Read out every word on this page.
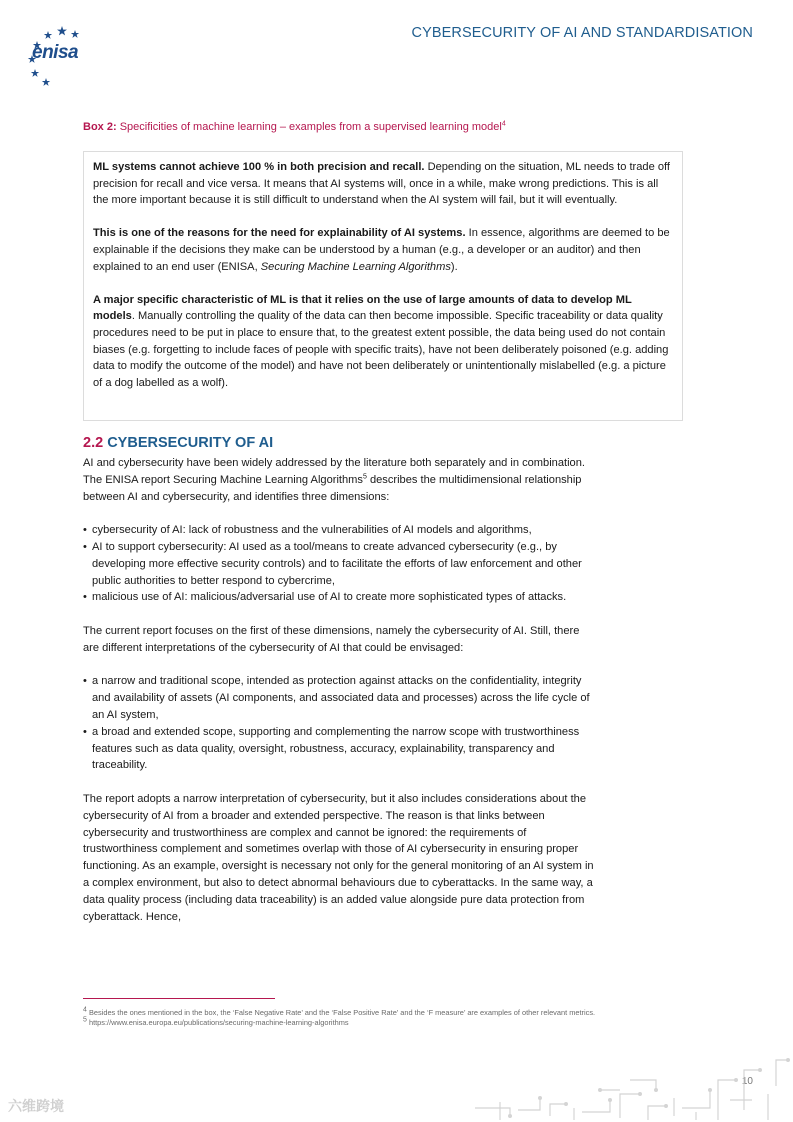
enisa
CYBERSECURITY OF AI AND STANDARDISATION
Box 2: Specificities of machine learning – examples from a supervised learning model$^4$

ML systems cannot achieve 100 % in both precision and recall. Depending on the situation, ML needs to trade off precision for recall and vice versa. It means that AI systems will, once in a while, make wrong predictions. This is all the more important because it is still difficult to understand when the AI system will fail, but it will eventually.

This is one of the reasons for the need for explainability of AI systems. In essence, algorithms are deemed to be explainable if the decisions they make can be understood by a human (e.g., a developer or an auditor) and then explained to an end user (ENISA, Securing Machine Learning Algorithms).

A major specific characteristic of ML is that it relies on the use of large amounts of data to develop ML models. Manually controlling the quality of the data can then become impossible. Specific traceability or data quality procedures need to be put in place to ensure that, to the greatest extent possible, the data being used do not contain biases (e.g. forgetting to include faces of people with specific traits), have not been deliberately poisoned (e.g. adding data to modify the outcome of the model) and have not been deliberately or unintentionally mislabelled (e.g. a picture of a dog labelled as a wolf).

2.2 CYBERSECURITY OF AI

AI and cybersecurity have been widely addressed by the literature both separately and in combination. The ENISA report Securing Machine Learning Algorithms$^5$ describes the multidimensional relationship between AI and cybersecurity, and identifies three dimensions:

• cybersecurity of AI: lack of robustness and the vulnerabilities of AI models and algorithms,
• AI to support cybersecurity: AI used as a tool/means to create advanced cybersecurity (e.g., by developing more effective security controls) and to facilitate the efforts of law enforcement and other public authorities to better respond to cybercrime,
• malicious use of AI: malicious/adversarial use of AI to create more sophisticated types of attacks.

The current report focuses on the first of these dimensions, namely the cybersecurity of AI. Still, there are different interpretations of the cybersecurity of AI that could be envisaged:

• a narrow and traditional scope, intended as protection against attacks on the confidentiality, integrity and availability of assets (AI components, and associated data and processes) across the life cycle of an AI system,
• a broad and extended scope, supporting and complementing the narrow scope with trustworthiness features such as data quality, oversight, robustness, accuracy, explainability, transparency and traceability.

The report adopts a narrow interpretation of cybersecurity, but it also includes considerations about the cybersecurity of AI from a broader and extended perspective. The reason is that links between cybersecurity and trustworthiness are complex and cannot be ignored: the requirements of trustworthiness complement and sometimes overlap with those of AI cybersecurity in ensuring proper functioning. As an example, oversight is necessary not only for the general monitoring of an AI system in a complex environment, but also to detect abnormal behaviours due to cyberattacks. In the same way, a data quality process (including data traceability) is an added value alongside pure data protection from cyberattack. Hence,

$^4$ Besides the ones mentioned in the box, the ‘False Negative Rate’ and the ‘False Positive Rate’ and the ‘F measure’ are examples of other relevant metrics.
$^5$ https://www.enisa.europa.eu/publications/securing-machine-learning-algorithms
10
六维跨境
